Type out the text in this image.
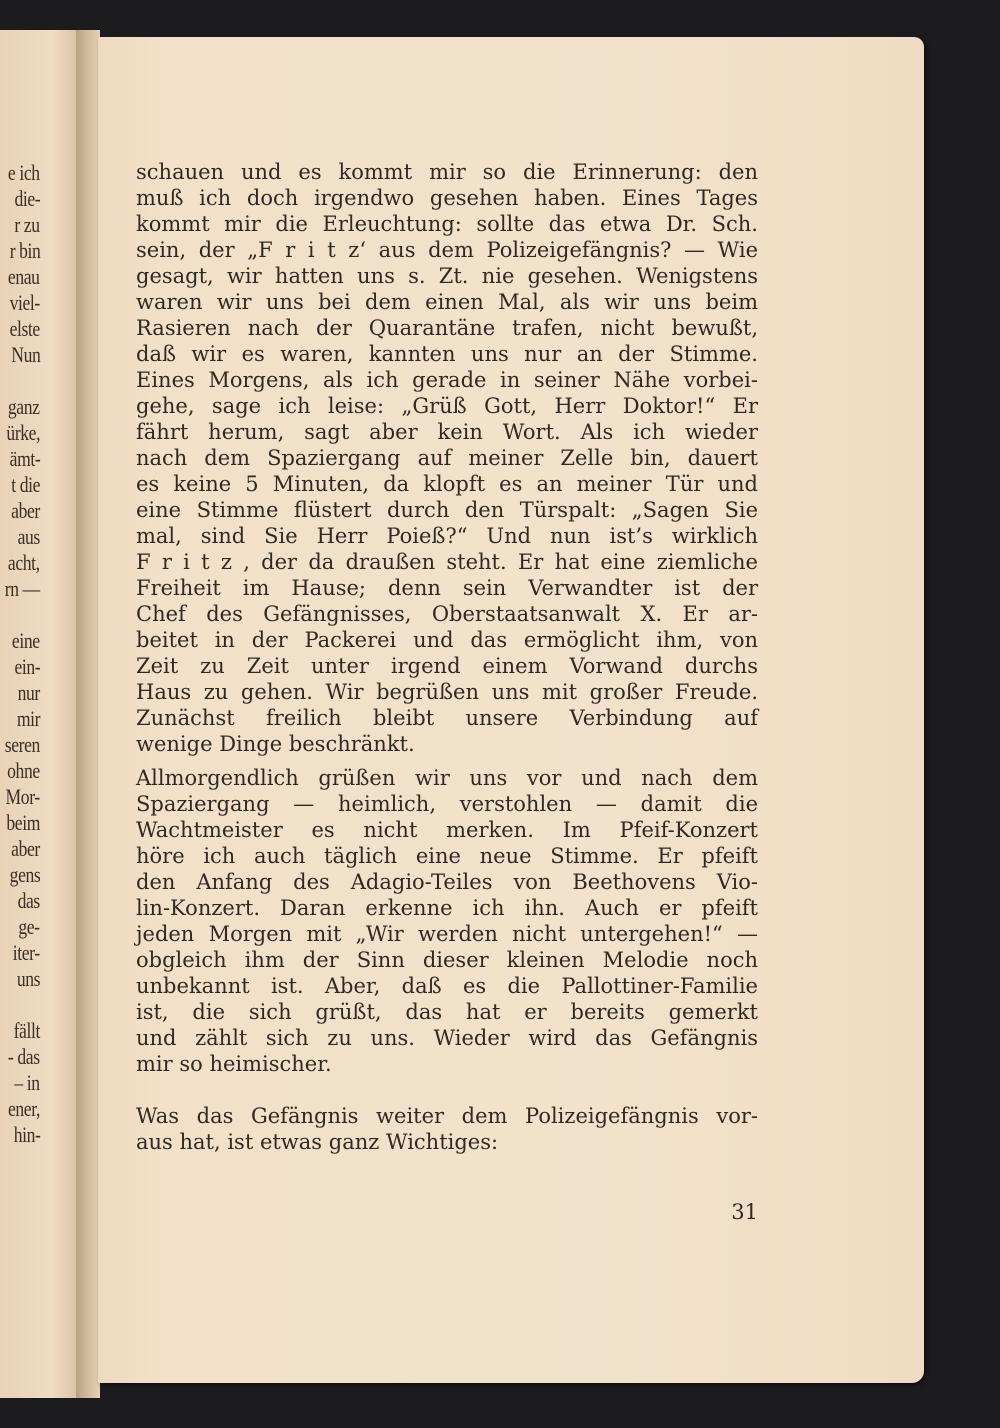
e ich
die-
r zu
r bin
enau
viel-
elste
Nun
ganz
ürke,
ämt-
t die
aber
aus
acht,
rn —
eine
ein-
nur
mir
seren
ohne
Mor-
beim
aber
gens
das
ge-
iter-
uns
fällt
- das
– in
ener,
hin-
schauen und es kommt mir so die Erinnerung: den
muß ich doch irgendwo gesehen haben. Eines Tages
kommt mir die Erleuchtung: sollte das etwa Dr. Sch.
sein, der „F r i t z‘ aus dem Polizeigefängnis? — Wie
gesagt, wir hatten uns s. Zt. nie gesehen. Wenigstens
waren wir uns bei dem einen Mal, als wir uns beim
Rasieren nach der Quarantäne trafen, nicht bewußt,
daß wir es waren, kannten uns nur an der Stimme.
Eines Morgens, als ich gerade in seiner Nähe vorbei-
gehe, sage ich leise: „Grüß Gott, Herr Doktor!“ Er
fährt herum, sagt aber kein Wort. Als ich wieder
nach dem Spaziergang auf meiner Zelle bin, dauert
es keine 5 Minuten, da klopft es an meiner Tür und
eine Stimme flüstert durch den Türspalt: „Sagen Sie
mal, sind Sie Herr Poieß?“ Und nun ist’s wirklich
F r i t z , der da draußen steht. Er hat eine ziemliche
Freiheit im Hause; denn sein Verwandter ist der
Chef des Gefängnisses, Oberstaatsanwalt X. Er ar-
beitet in der Packerei und das ermöglicht ihm, von
Zeit zu Zeit unter irgend einem Vorwand durchs
Haus zu gehen. Wir begrüßen uns mit großer Freude.
Zunächst freilich bleibt unsere Verbindung auf
wenige Dinge beschränkt.
Allmorgendlich grüßen wir uns vor und nach dem
Spaziergang — heimlich, verstohlen — damit die
Wachtmeister es nicht merken. Im Pfeif-Konzert
höre ich auch täglich eine neue Stimme. Er pfeift
den Anfang des Adagio-Teiles von Beethovens Vio-
lin-Konzert. Daran erkenne ich ihn. Auch er pfeift
jeden Morgen mit „Wir werden nicht untergehen!“ —
obgleich ihm der Sinn dieser kleinen Melodie noch
unbekannt ist. Aber, daß es die Pallottiner-Familie
ist, die sich grüßt, das hat er bereits gemerkt
und zählt sich zu uns. Wieder wird das Gefängnis
mir so heimischer.
Was das Gefängnis weiter dem Polizeigefängnis vor-
aus hat, ist etwas ganz Wichtiges:
31
